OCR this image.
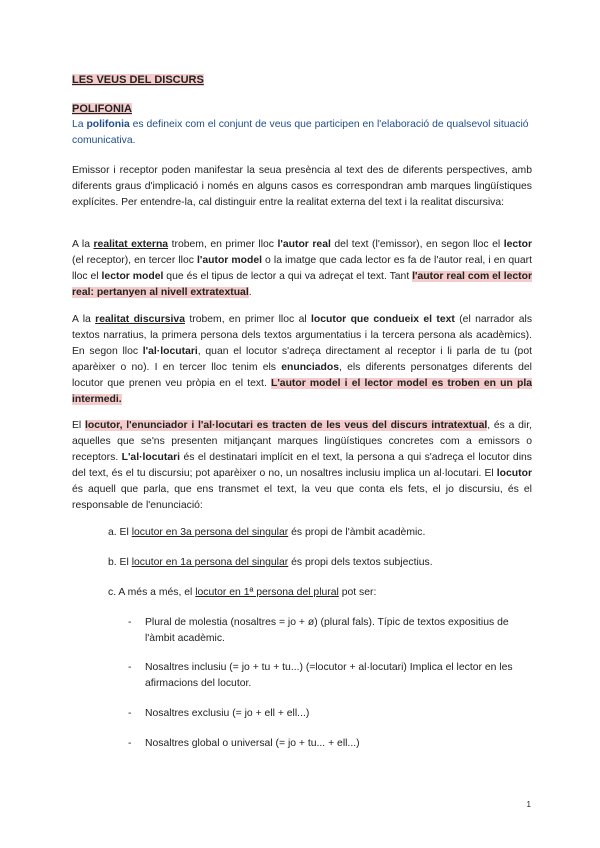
LES VEUS DEL DISCURS
POLIFONIA
La polifonia es defineix com el conjunt de veus que participen en l'elaboració de qualsevol situació comunicativa.
Emissor i receptor poden manifestar la seua presència al text des de diferents perspectives, amb diferents graus d'implicació i només en alguns casos es correspondran amb marques lingüístiques explícites. Per entendre-la, cal distinguir entre la realitat externa del text i la realitat discursiva:
A la realitat externa trobem, en primer lloc l'autor real del text (l'emissor), en segon lloc el lector (el receptor), en tercer lloc l'autor model o la imatge que cada lector es fa de l'autor real, i en quart lloc el lector model que és el tipus de lector a qui va adreçat el text. Tant l'autor real com el lector real: pertanyen al nivell extratextual.
A la realitat discursiva trobem, en primer lloc al locutor que condueix el text (el narrador als textos narratius, la primera persona dels textos argumentatius i la tercera persona als acadèmics). En segon lloc l'al·locutari, quan el locutor s'adreça directament al receptor i li parla de tu (pot aparèixer o no). I en tercer lloc tenim els enunciados, els diferents personatges diferents del locutor que prenen veu pròpia en el text. L'autor model i el lector model es troben en un pla intermedi.
El locutor, l'enunciador i l'al·locutari es tracten de les veus del discurs intratextual, és a dir, aquelles que se'ns presenten mitjançant marques lingüístiques concretes com a emissors o receptors. L'al·locutari és el destinatari implícit en el text, la persona a qui s'adreça el locutor dins del text, és el tu discursiu; pot aparèixer o no, un nosaltres inclusiu implica un al·locutari. El locutor és aquell que parla, que ens transmet el text, la veu que conta els fets, el jo discursiu, és el responsable de l'enunciació:
a. El locutor en 3a persona del singular és propi de l'àmbit acadèmic.
b. El locutor en 1a persona del singular és propi dels textos subjectius.
c. A més a més, el locutor en 1ª persona del plural pot ser:
- Plural de molestia (nosaltres = jo + ø) (plural fals). Típic de textos expositius de l'àmbit acadèmic.
- Nosaltres inclusiu (= jo + tu + tu...) (=locutor + al·locutari) Implica el lector en les afirmacions del locutor.
- Nosaltres exclusiu (= jo + ell + ell...)
- Nosaltres global o universal (= jo + tu... + ell...)
1
